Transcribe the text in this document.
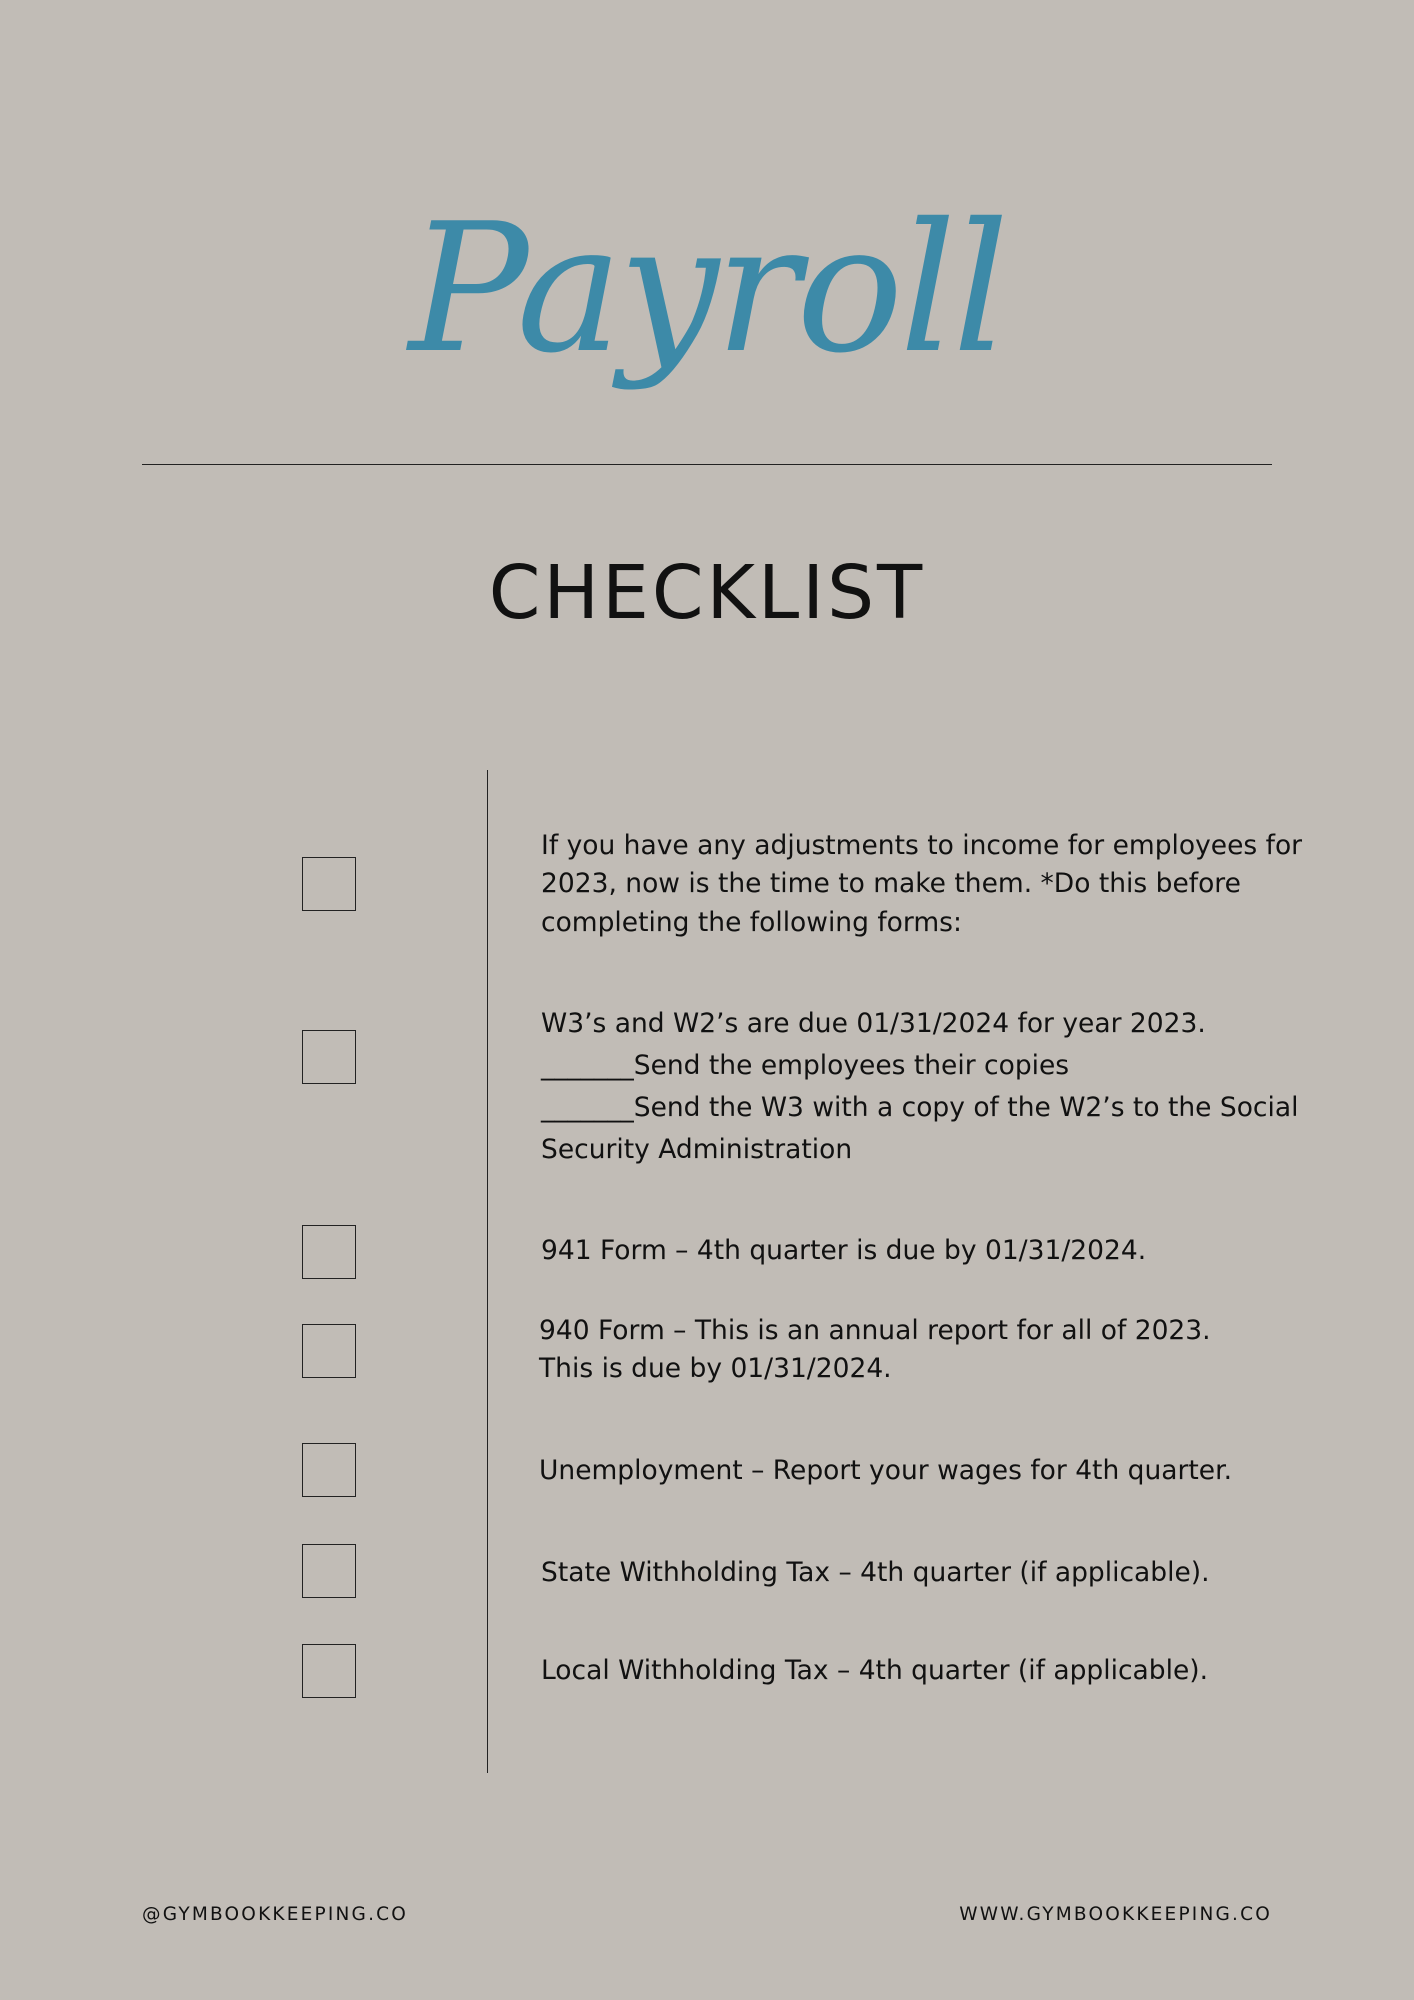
Payroll
CHECKLIST
If you have any adjustments to income for employees for
2023, now is the time to make them. *Do this before
completing the following forms:
W3’s and W2’s are due 01/31/2024 for year 2023.
_______Send the employees their copies
_______Send the W3 with a copy of the W2’s to the Social
Security Administration
941 Form – 4th quarter is due by 01/31/2024.
940 Form – This is an annual report for all of 2023.
This is due by 01/31/2024.
Unemployment – Report your wages for 4th quarter.
State Withholding Tax – 4th quarter (if applicable).
Local Withholding Tax – 4th quarter (if applicable).
@GYMBOOKKEEPING.CO	WWW.GYMBOOKKEEPING.CO
